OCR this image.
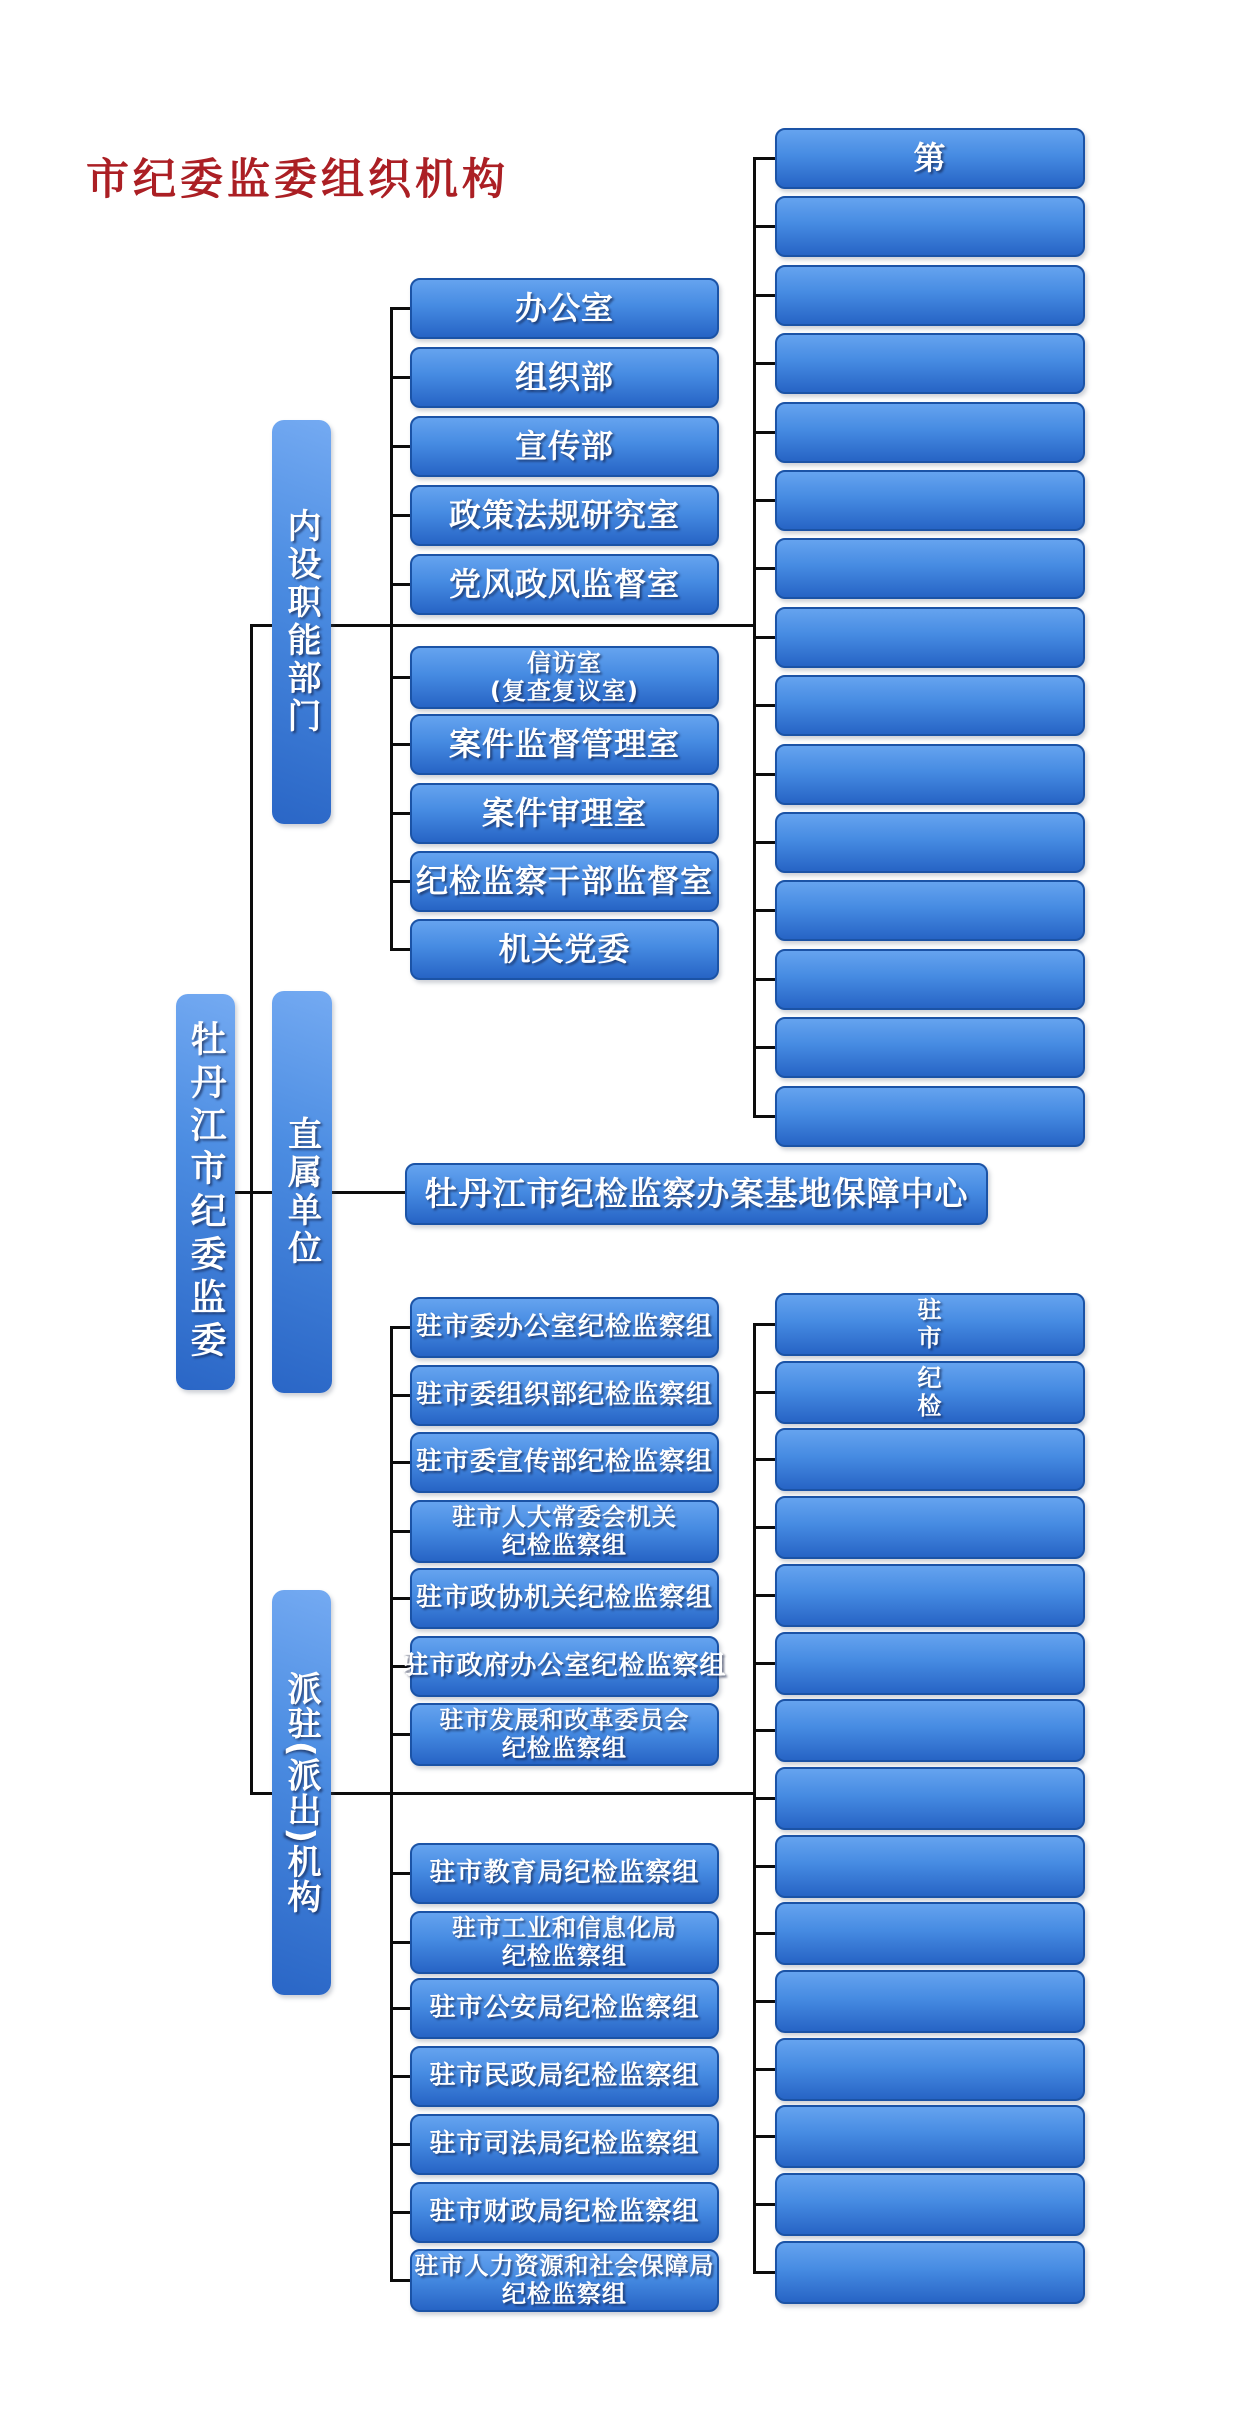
市纪委监委组织机构
牡丹江市纪委监委
内设职能部门
直属单位
派驻(派出)机构
办公室
组织部
宣传部
政策法规研究室
党风政风监督室
信访室
(复查复议室)
案件监督管理室
案件审理室
纪检监察干部监督室
机关党委
第
牡丹江市纪检监察办案基地保障中心
驻市委办公室纪检监察组
驻市委组织部纪检监察组
驻市委宣传部纪检监察组
驻市人大常委会机关
纪检监察组
驻市政协机关纪检监察组
驻市政府办公室纪检监察组
驻市发展和改革委员会
纪检监察组
驻市教育局纪检监察组
驻市工业和信息化局
纪检监察组
驻市公安局纪检监察组
驻市民政局纪检监察组
驻市司法局纪检监察组
驻市财政局纪检监察组
驻市人力资源和社会保障局
纪检监察组
驻
市
纪
检
